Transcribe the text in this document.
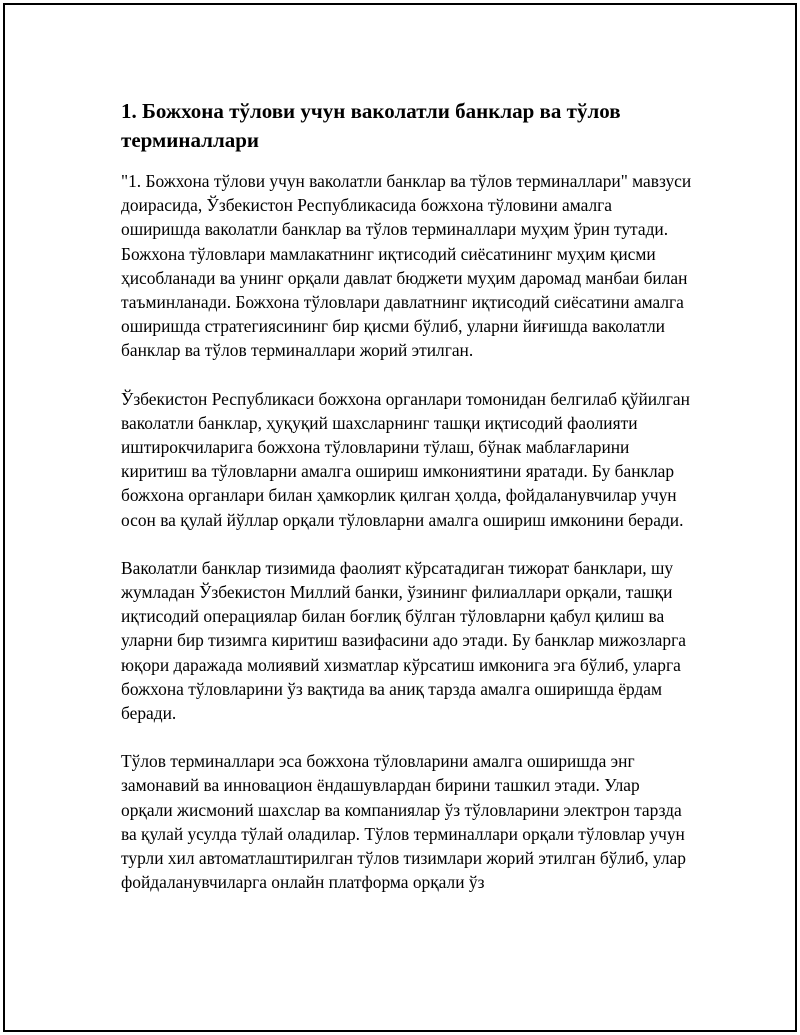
1. Божхона тўлови учун ваколатли банклар ва тўлов терминаллари

"1. Божхона тўлови учун ваколатли банклар ва тўлов терминаллари" мавзуси доирасида, Ўзбекистон Республикасида божхона тўловини амалга оширишда ваколатли банклар ва тўлов терминаллари муҳим ўрин тутади. Божхона тўловлари мамлакатнинг иқтисодий сиёсатининг муҳим қисми ҳисобланади ва унинг орқали давлат бюджети муҳим даромад манбаи билан таъминланади. Божхона тўловлари давлатнинг иқтисодий сиёсатини амалга оширишда стратегиясининг бир қисми бўлиб, уларни йиғишда ваколатли банклар ва тўлов терминаллари жорий этилган.

Ўзбекистон Республикаси божхона органлари томонидан белгилаб қўйилган ваколатли банклар, ҳуқуқий шахсларнинг ташқи иқтисодий фаолияти иштирокчиларига божхона тўловларини тўлаш, бўнак маблағларини киритиш ва тўловларни амалга ошириш имкониятини яратади. Бу банклар божхона органлари билан ҳамкорлик қилган ҳолда, фойдаланувчилар учун осон ва қулай йўллар орқали тўловларни амалга ошириш имконини беради.

Ваколатли банклар тизимида фаолият кўрсатадиган тижорат банклари, шу жумладан Ўзбекистон Миллий банки, ўзининг филиаллари орқали, ташқи иқтисодий операциялар билан боғлиқ бўлган тўловларни қабул қилиш ва уларни бир тизимга киритиш вазифасини адо этади. Бу банклар мижозларга юқори даражада молиявий хизматлар кўрсатиш имконига эга бўлиб, уларга божхона тўловларини ўз вақтида ва аниқ тарзда амалга оширишда ёрдам беради.

Тўлов терминаллари эса божхона тўловларини амалга оширишда энг замонавий ва инновацион ёндашувлардан бирини ташкил этади. Улар орқали жисмоний шахслар ва компаниялар ўз тўловларини электрон тарзда ва қулай усулда тўлай оладилар. Тўлов терминаллари орқали тўловлар учун турли хил автоматлаштирилган тўлов тизимлари жорий этилган бўлиб, улар фойдаланувчиларга онлайн платформа орқали ўз
